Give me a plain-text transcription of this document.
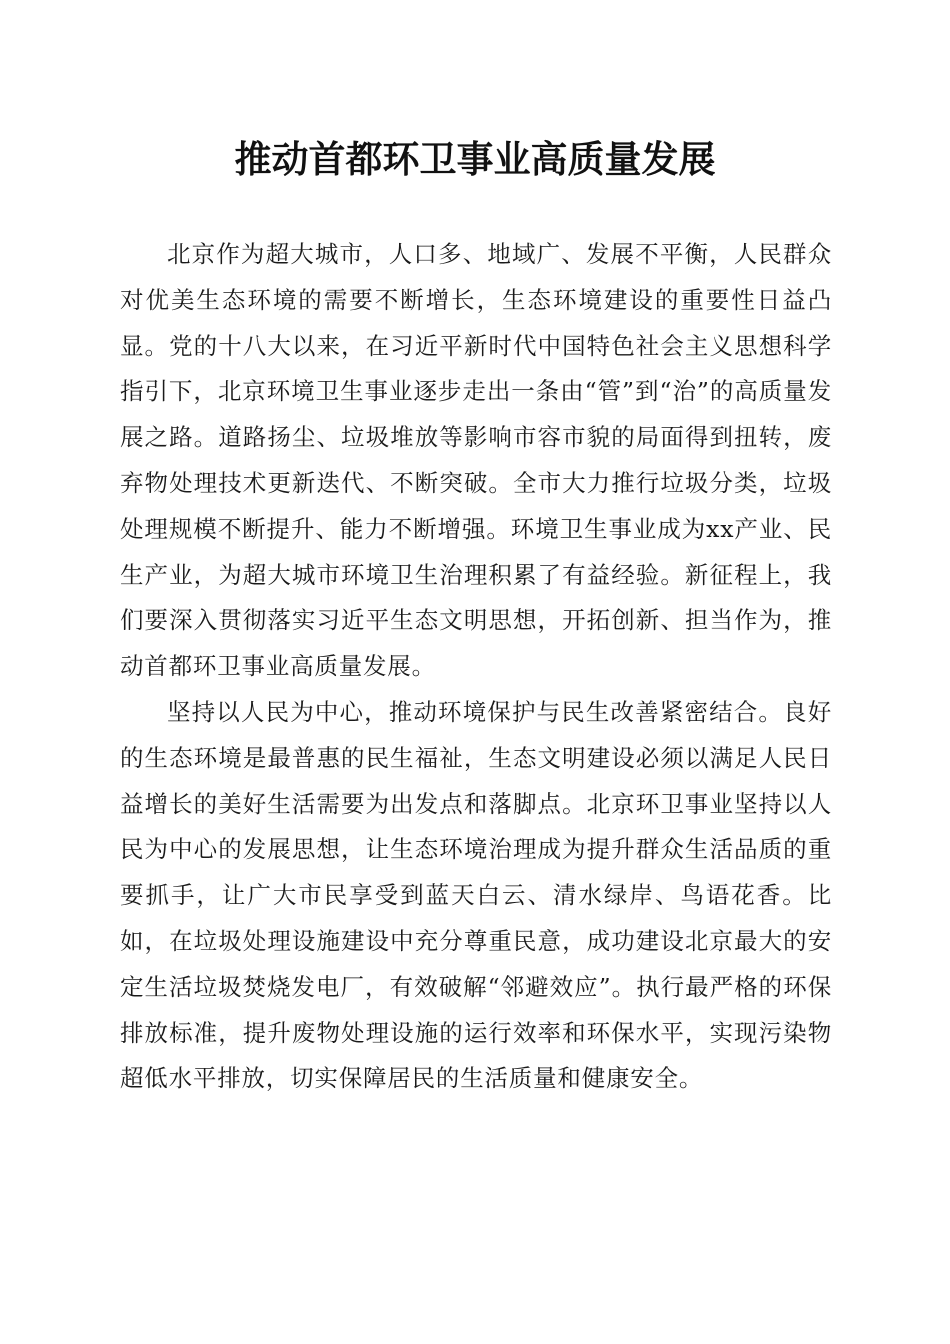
推动首都环卫事业高质量发展

北京作为超大城市，人口多、地域广、发展不平衡，人民群众对优美生态环境的需要不断增长，生态环境建设的重要性日益凸显。党的十八大以来，在习近平新时代中国特色社会主义思想科学指引下，北京环境卫生事业逐步走出一条由“管”到“治”的高质量发展之路。道路扬尘、垃圾堆放等影响市容市貌的局面得到扭转，废弃物处理技术更新迭代、不断突破。全市大力推行垃圾分类，垃圾处理规模不断提升、能力不断增强。环境卫生事业成为xx产业、民生产业，为超大城市环境卫生治理积累了有益经验。新征程上，我们要深入贯彻落实习近平生态文明思想，开拓创新、担当作为，推动首都环卫事业高质量发展。

坚持以人民为中心，推动环境保护与民生改善紧密结合。良好的生态环境是最普惠的民生福祉，生态文明建设必须以满足人民日益增长的美好生活需要为出发点和落脚点。北京环卫事业坚持以人民为中心的发展思想，让生态环境治理成为提升群众生活品质的重要抓手，让广大市民享受到蓝天白云、清水绿岸、鸟语花香。比如，在垃圾处理设施建设中充分尊重民意，成功建设北京最大的安定生活垃圾焚烧发电厂，有效破解“邻避效应”。执行最严格的环保排放标准，提升废物处理设施的运行效率和环保水平，实现污染物超低水平排放，切实保障居民的生活质量和健康安全。
